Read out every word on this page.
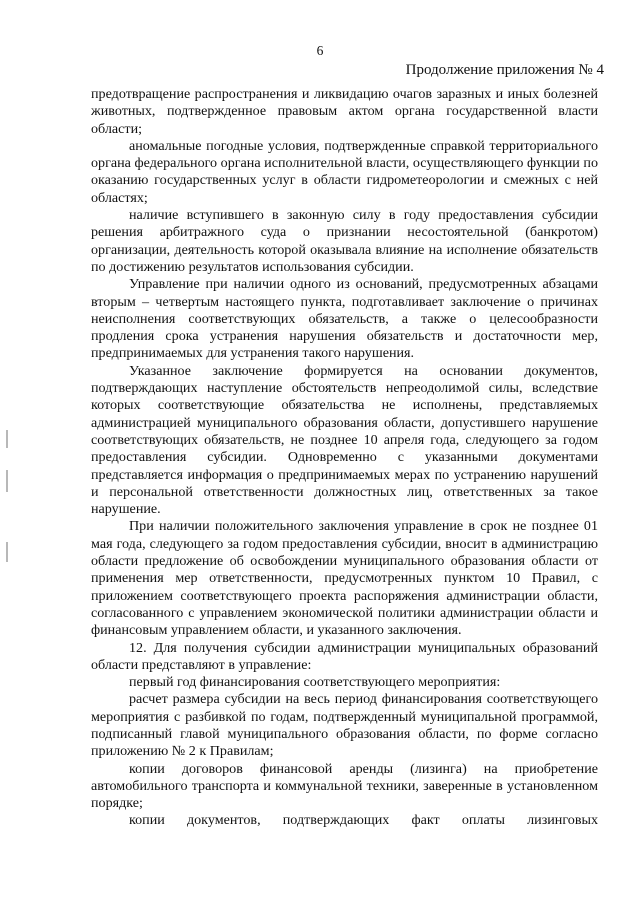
6
Продолжение приложения № 4

предотвращение распространения и ликвидацию очагов заразных и иных болезней животных, подтвержденное правовым актом органа государственной власти области;

аномальные погодные условия, подтвержденные справкой территориального органа федерального органа исполнительной власти, осуществляющего функции по оказанию государственных услуг в области гидрометеорологии и смежных с ней областях;

наличие вступившего в законную силу в году предоставления субсидии решения арбитражного суда о признании несостоятельной (банкротом) организации, деятельность которой оказывала влияние на исполнение обязательств по достижению результатов использования субсидии.

Управление при наличии одного из оснований, предусмотренных абзацами вторым – четвертым настоящего пункта, подготавливает заключение о причинах неисполнения соответствующих обязательств, а также о целесообразности продления срока устранения нарушения обязательств и достаточности мер, предпринимаемых для устранения такого нарушения.

Указанное заключение формируется на основании документов, подтверждающих наступление обстоятельств непреодолимой силы, вследствие которых соответствующие обязательства не исполнены, представляемых администрацией муниципального образования области, допустившего нарушение соответствующих обязательств, не позднее 10 апреля года, следующего за годом предоставления субсидии. Одновременно с указанными документами представляется информация о предпринимаемых мерах по устранению нарушений и персональной ответственности должностных лиц, ответственных за такое нарушение.

При наличии положительного заключения управление в срок не позднее 01 мая года, следующего за годом предоставления субсидии, вносит в администрацию области предложение об освобождении муниципального образования области от применения мер ответственности, предусмотренных пунктом 10 Правил, с приложением соответствующего проекта распоряжения администрации области, согласованного с управлением экономической политики администрации области и финансовым управлением области, и указанного заключения.

12. Для получения субсидии администрации муниципальных образований области представляют в управление:

первый год финансирования соответствующего мероприятия:

расчет размера субсидии на весь период финансирования соответствующего мероприятия с разбивкой по годам, подтвержденный муниципальной программой, подписанный главой муниципального образования области, по форме согласно приложению № 2 к Правилам;

копии договоров финансовой аренды (лизинга) на приобретение автомобильного транспорта и коммунальной техники, заверенные в установленном порядке;

копии документов, подтверждающих факт оплаты лизинговых
